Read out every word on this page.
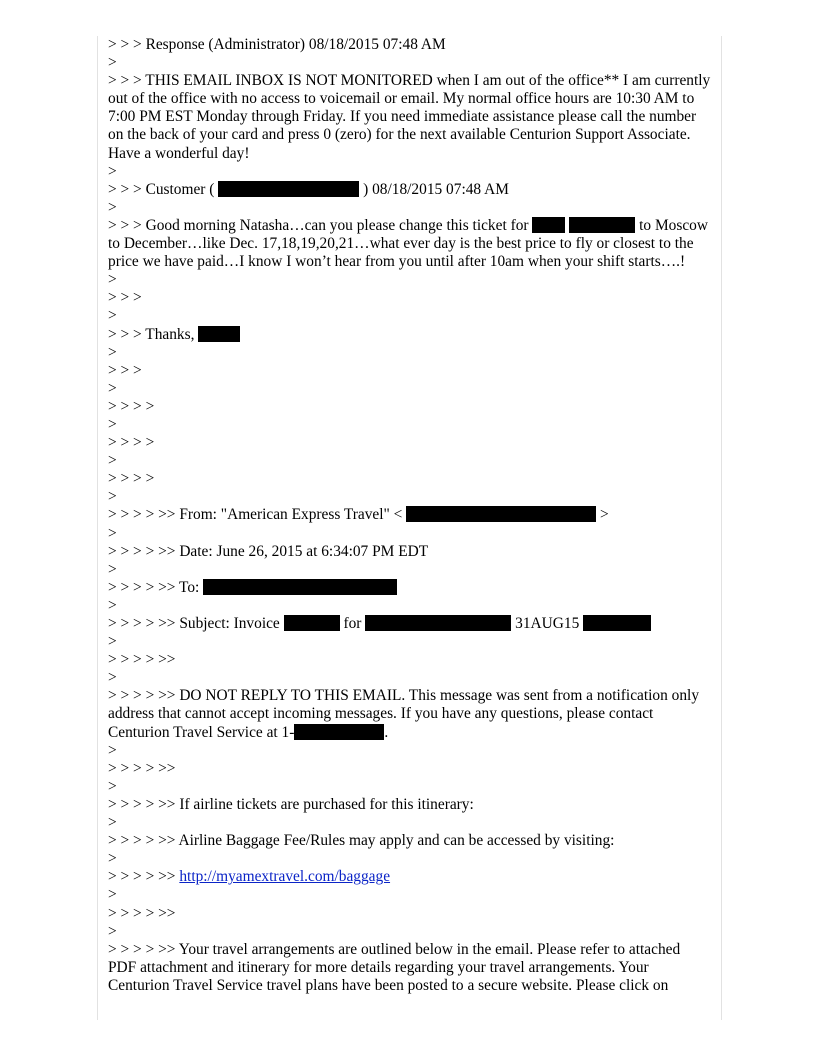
> > > Response (Administrator) 08/18/2015 07:48 AM
>
> > > THIS EMAIL INBOX IS NOT MONITORED when I am out of the office** I am currently out of the office with no access to voicemail or email. My normal office hours are 10:30 AM to 7:00 PM EST Monday through Friday. If you need immediate assistance please call the number on the back of your card and press 0 (zero) for the next available Centurion Support Associate. Have a wonderful day!
>
> > > Customer (	) 08/18/2015 07:48 AM
>
> > > Good morning Natasha…can you please change this ticket for	to Moscow to December…like Dec. 17,18,19,20,21…what ever day is the best price to fly or closest to the price we have paid…I know I won’t hear from you until after 10am when your shift starts….!
>
> > >
>
> > > Thanks,
>
> > >
>
> > > >
>
> > > >
>
> > > >
>
> > > > >> From: "American Express Travel" <	>
>
> > > > >> Date: June 26, 2015 at 6:34:07 PM EDT
>
> > > > >> To:
>
> > > > >> Subject: Invoice	for	31AUG15
>
> > > > >>
>
> > > > >> DO NOT REPLY TO THIS EMAIL. This message was sent from a notification only address that cannot accept incoming messages. If you have any questions, please contact Centurion Travel Service at 1-	.
>
> > > > >>
>
> > > > >> If airline tickets are purchased for this itinerary:
>
> > > > >> Airline Baggage Fee/Rules may apply and can be accessed by visiting:
>
> > > > >> http://myamextravel.com/baggage
>
> > > > >>
>
> > > > >> Your travel arrangements are outlined below in the email. Please refer to attached PDF attachment and itinerary for more details regarding your travel arrangements. Your Centurion Travel Service travel plans have been posted to a secure website. Please click on
